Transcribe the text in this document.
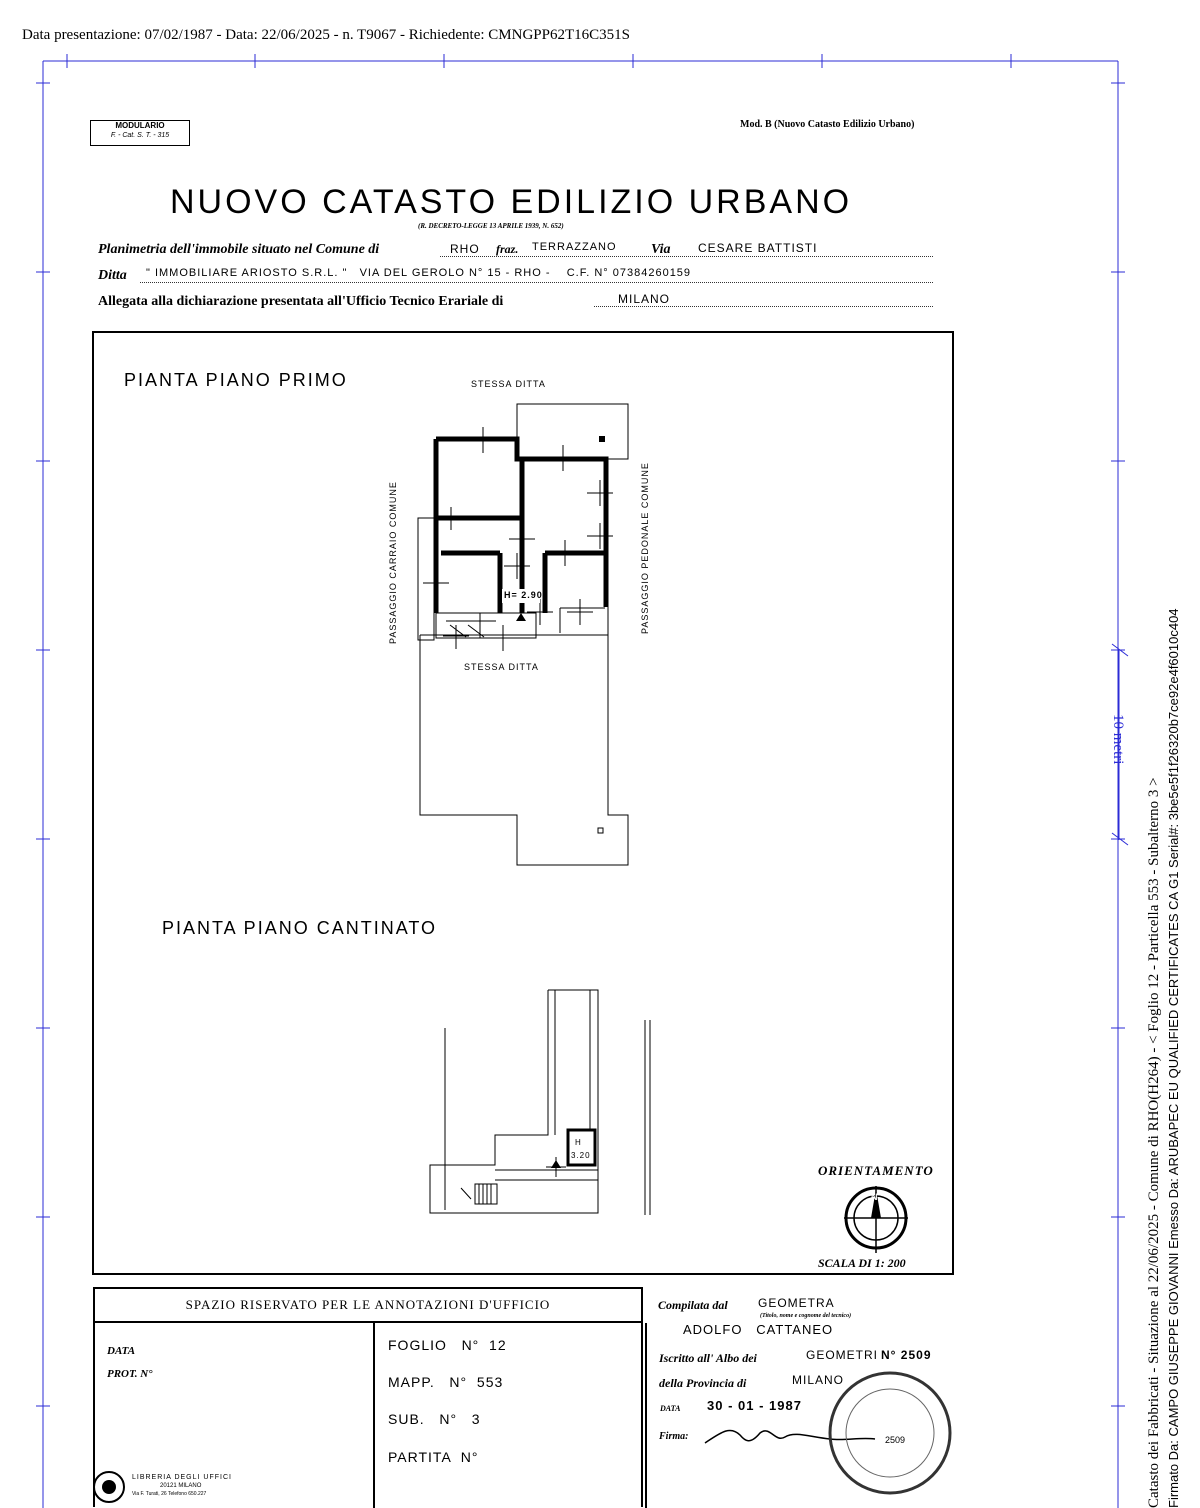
Data presentazione: 07/02/1987 - Data: 22/06/2025 - n. T9067 - Richiedente: CMNGPP62T16C351S
MODULARIO
F. - Cat. S. T. - 315
Mod. B (Nuovo Catasto Edilizio Urbano)
NUOVO CATASTO EDILIZIO URBANO
(R. DECRETO-LEGGE 13 APRILE 1939, N. 652)
Planimetria dell'immobile situato nel Comune di	RHO fraz. TERRAZZANO Via CESARE BATTISTI
Ditta " IMMOBILIARE ARIOSTO S.R.L. "   VIA DEL GEROLO N° 15 - RHO -    C.F. N° 07384260159
Allegata alla dichiarazione presentata all'Ufficio Tecnico Erariale di	MILANO
PIANTA PIANO PRIMO	STESSA DITTA
STESSA DITTA
PASSAGGIO CARRAIO COMUNE	PASSAGGIO PEDONALE COMUNE
H= 2.90
PIANTA PIANO CANTINATO
H
3.20
ORIENTAMENTO
N
SCALA DI 1: 200
SPAZIO RISERVATO PER LE ANNOTAZIONI D'UFFICIO
DATA
PROT. N°
FOGLIO   N°  12
MAPP.   N°  553
SUB.   N°   3
PARTITA  N°
Compilata dal	GEOMETRA
(Titolo, nome e cognome del tecnico)
ADOLFO   CATTANEO
Iscritto all' Albo dei	GEOMETRI N° 2509
della Provincia di	MILANO
DATA 30 - 01 - 1987
Firma:	2509
LIBRERIA DEGLI UFFICI
20121 MILANO
Via F. Turati, 26 Telefono 650.227
10 metri
Catasto dei Fabbricati - Situazione al 22/06/2025 - Comune di RHO(H264) - < Foglio 12 - Particella 553 - Subalterno 3 > Firmato Da: CAMPO GIUSEPPE GIOVANNI Emesso Da: ARUBAPEC EU QUALIFIED CERTIFICATES CA G1 Serial#: 3be5e5f1f26320b7ce92e4f6010c404
